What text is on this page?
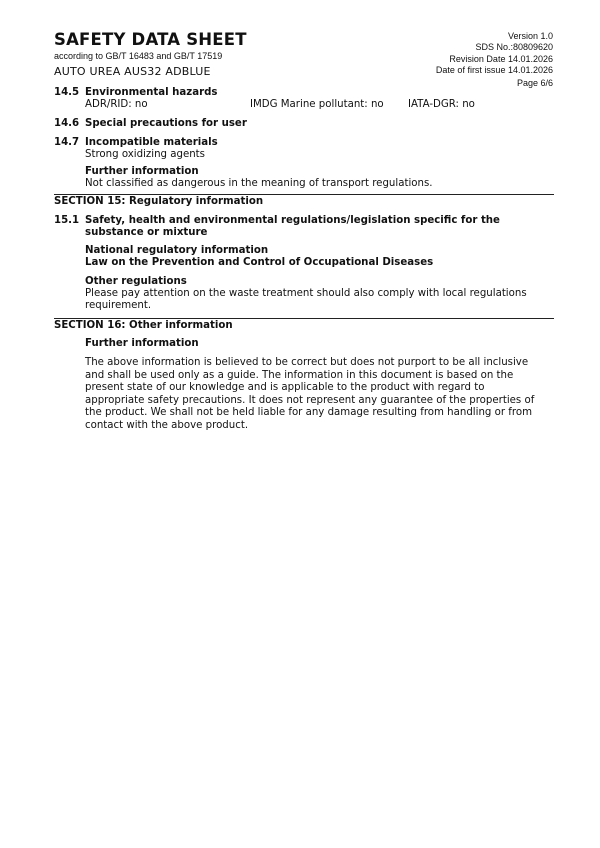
SAFETY DATA SHEET
according to GB/T 16483 and GB/T 17519
AUTO UREA AUS32 ADBLUE
Version 1.0
SDS No.:80809620
Revision Date 14.01.2026
Date of first issue 14.01.2026
Page 6/6
14.5 Environmental hazards
ADR/RID: no	IMDG Marine pollutant: no IATA-DGR: no
14.6 Special precautions for user
14.7 Incompatible materials
Strong oxidizing agents
Further information
Not classified as dangerous in the meaning of transport regulations.
SECTION 15: Regulatory information
15.1 Safety, health and environmental regulations/legislation specific for the
substance or mixture
National regulatory information
Law on the Prevention and Control of Occupational Diseases
Other regulations
Please pay attention on the waste treatment should also comply with local regulations
requirement.
SECTION 16: Other information
Further information
The above information is believed to be correct but does not purport to be all inclusive
and shall be used only as a guide. The information in this document is based on the
present state of our knowledge and is applicable to the product with regard to
appropriate safety precautions. It does not represent any guarantee of the properties of
the product. We shall not be held liable for any damage resulting from handling or from
contact with the above product.
